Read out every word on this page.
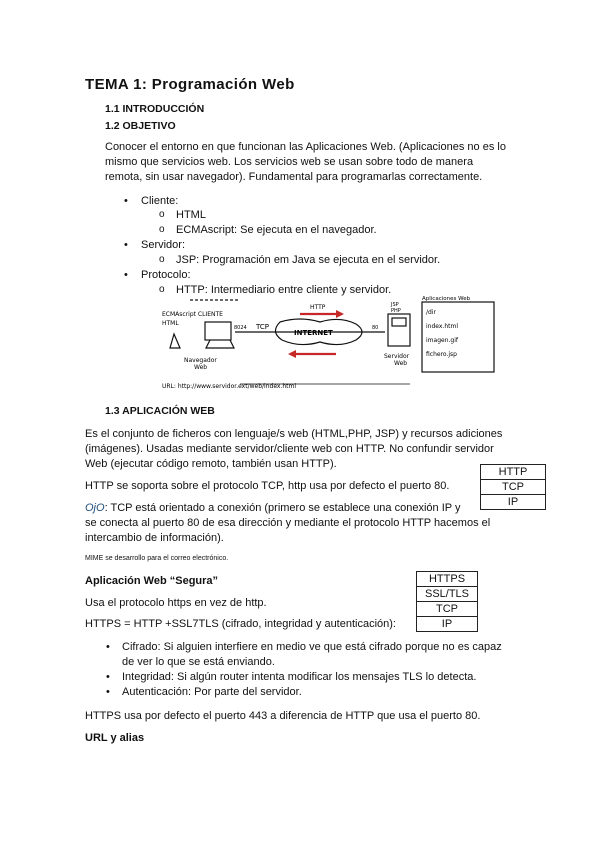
TEMA 1: Programación Web
1.1 INTRODUCCIÓN
1.2 OBJETIVO
Conocer el entorno en que funcionan las Aplicaciones Web. (Aplicaciones no es lo
mismo que servicios web. Los servicios web se usan sobre todo de manera
remota, sin usar navegador). Fundamental para programarlas correctamente.
• Cliente:
o HTML
o ECMAscript: Se ejecuta en el navegador.
• Servidor:
o JSP: Programación em Java se ejecuta en el servidor.
• Protocolo:
o HTTP: Intermediario entre cliente y servidor.
ECMAscript CLIENTE
HTML
8024 TCP
HTTP
INTERNET
80
JSP
PHP
Navegador
Web
Servidor
Web
Aplicaciones Web
/dir
index.html
imagen.gif
fichero.jsp
URL: http://www.servidor.ext/web/index.html
1.3 APLICACIÓN WEB
Es el conjunto de ficheros con lenguaje/s web (HTML,PHP, JSP) y recursos adiciones
(imágenes). Usadas mediante servidor/cliente web con HTTP. No confundir servidor
Web (ejecutar código remoto, también usan HTTP).
HTTP
TCP
IP
HTTP se soporta sobre el protocolo TCP, http usa por defecto el puerto 80.
OjO: TCP está orientado a conexión (primero se establece una conexión IP y
se conecta al puerto 80 de esa dirección y mediante el protocolo HTTP hacemos el
intercambio de información).
MIME se desarrollo para el correo electrónico.
Aplicación Web “Segura”	HTTPS
SSL/TLS
TCP
IP
Usa el protocolo https en vez de http.
HTTPS = HTTP +SSL7TLS (cifrado, integridad y autenticación):
• Cifrado: Si alguien interfiere en medio ve que está cifrado porque no es capaz
de ver lo que se está enviando.
• Integridad: Si algún router intenta modificar los mensajes TLS lo detecta.
• Autenticación: Por parte del servidor.
HTTPS usa por defecto el puerto 443 a diferencia de HTTP que usa el puerto 80.
URL y alias
